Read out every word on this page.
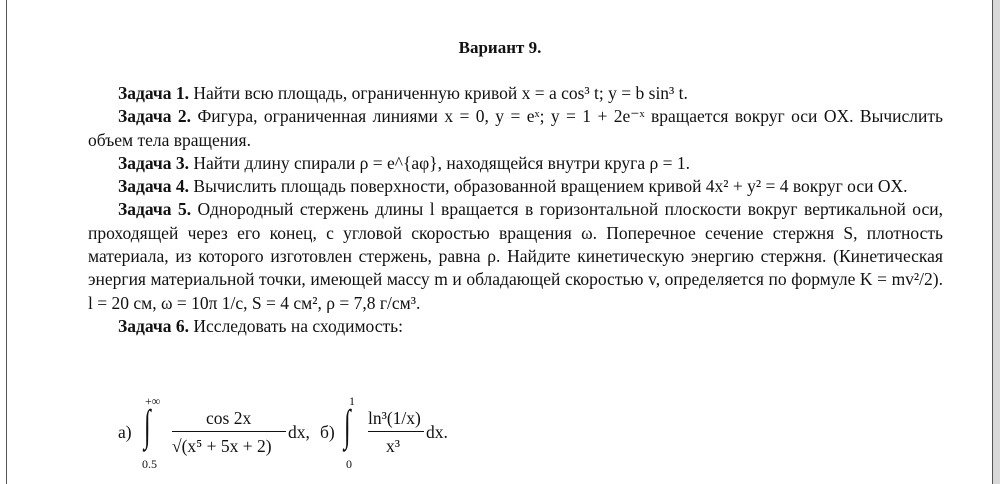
Вариант 9.

Задача 1. Найти всю площадь, ограниченную кривой x = a cos³ t; y = b sin³ t.

Задача 2. Фигура, ограниченная линиями x = 0, y = eˣ; y = 1 + 2e⁻ˣ вращается вокруг оси OX. Вычислить объем тела вращения.

Задача 3. Найти длину спирали ρ = e^{aφ}, находящейся внутри круга ρ = 1.

Задача 4. Вычислить площадь поверхности, образованной вращением кривой 4x² + y² = 4 вокруг оси OX.

Задача 5. Однородный стержень длины l вращается в горизонтальной плоскости вокруг вертикальной оси, проходящей через его конец, с угловой скоростью вращения ω. Поперечное сечение стержня S, плотность материала, из которого изготовлен стержень, равна ρ. Найдите кинетическую энергию стержня. (Кинетическая энергия материальной точки, имеющей массу m и обладающей скоростью v, определяется по формуле K = mv²/2). l = 20 см, ω = 10π 1/c, S = 4 см², ρ = 7,8 г/см³.

Задача 6. Исследовать на сходимость:

а) ∫
+∞
0.5
cos 2x
√(x⁵ + 5x + 2)
dx, б) ∫
1
0
ln³(1/x)
x³
dx.
